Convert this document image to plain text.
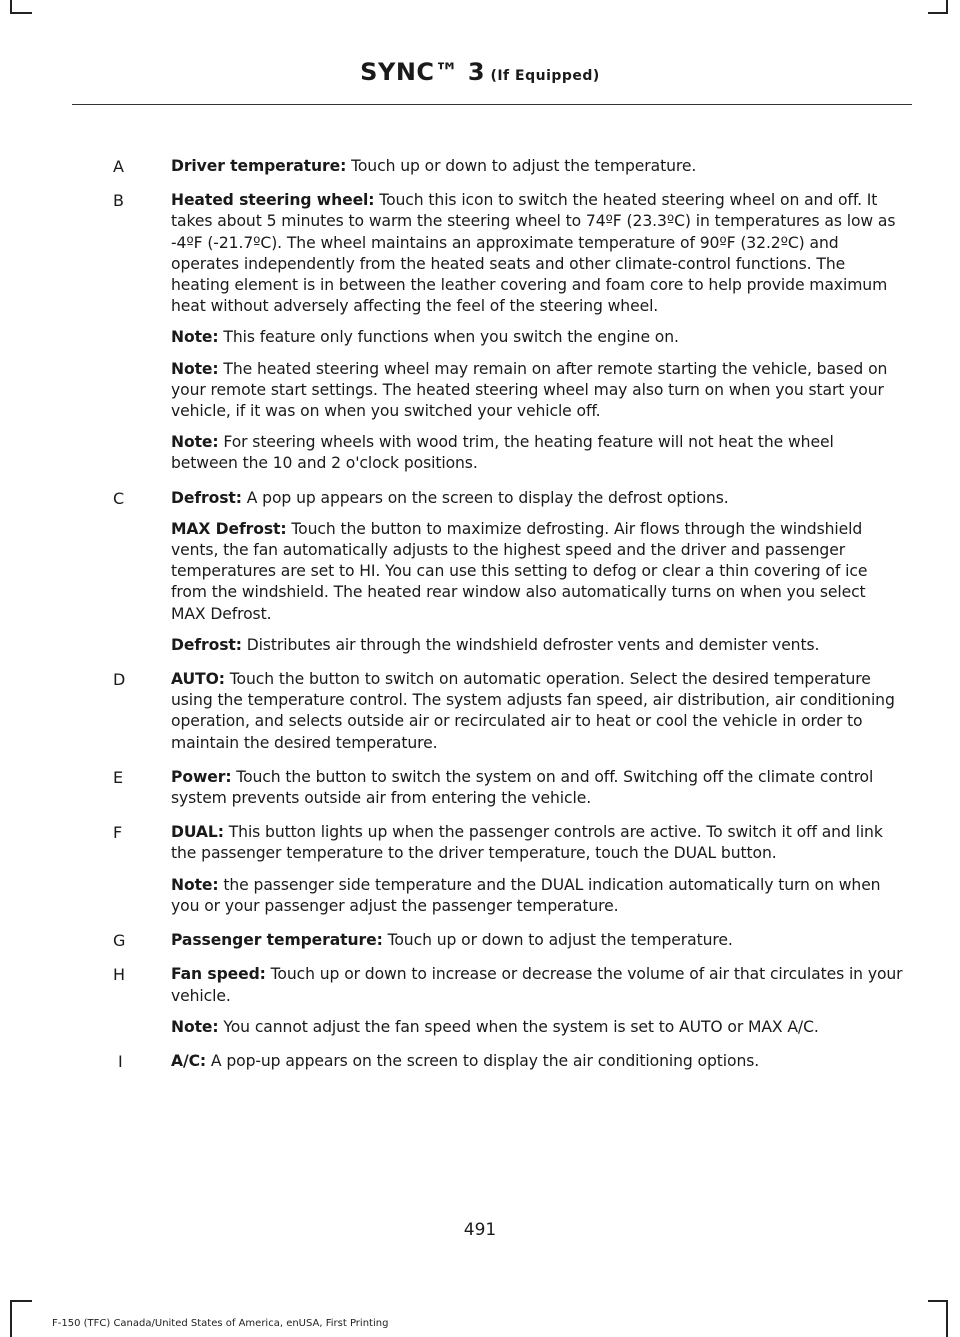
SYNC™ 3 (If Equipped)
A	Driver temperature: Touch up or down to adjust the temperature.
B	Heated steering wheel: Touch this icon to switch the heated steering wheel on and off. It takes about 5 minutes to warm the steering wheel to 74ºF (23.3ºC) in temperatures as low as -4ºF (-21.7ºC). The wheel maintains an approximate temperature of 90ºF (32.2ºC) and operates independently from the heated seats and other climate-control functions. The heating element is in between the leather covering and foam core to help provide maximum heat without adversely affecting the feel of the steering wheel.
Note: This feature only functions when you switch the engine on.
Note: The heated steering wheel may remain on after remote starting the vehicle, based on your remote start settings. The heated steering wheel may also turn on when you start your vehicle, if it was on when you switched your vehicle off.
Note: For steering wheels with wood trim, the heating feature will not heat the wheel between the 10 and 2 o'clock positions.
C	Defrost: A pop up appears on the screen to display the defrost options.
MAX Defrost: Touch the button to maximize defrosting. Air flows through the windshield vents, the fan automatically adjusts to the highest speed and the driver and passenger temperatures are set to HI. You can use this setting to defog or clear a thin covering of ice from the windshield. The heated rear window also automatically turns on when you select MAX Defrost.
Defrost: Distributes air through the windshield defroster vents and demister vents.
D	AUTO: Touch the button to switch on automatic operation. Select the desired temperature using the temperature control. The system adjusts fan speed, air distribution, air conditioning operation, and selects outside air or recirculated air to heat or cool the vehicle in order to maintain the desired temperature.
E	Power: Touch the button to switch the system on and off. Switching off the climate control system prevents outside air from entering the vehicle.
F	DUAL: This button lights up when the passenger controls are active. To switch it off and link the passenger temperature to the driver temperature, touch the DUAL button.
Note: the passenger side temperature and the DUAL indication automatically turn on when you or your passenger adjust the passenger temperature.
G	Passenger temperature: Touch up or down to adjust the temperature.
H	Fan speed: Touch up or down to increase or decrease the volume of air that circulates in your vehicle.
Note: You cannot adjust the fan speed when the system is set to AUTO or MAX A/C.
I	A/C: A pop-up appears on the screen to display the air conditioning options.
491
F-150 (TFC) Canada/United States of America, enUSA, First Printing
